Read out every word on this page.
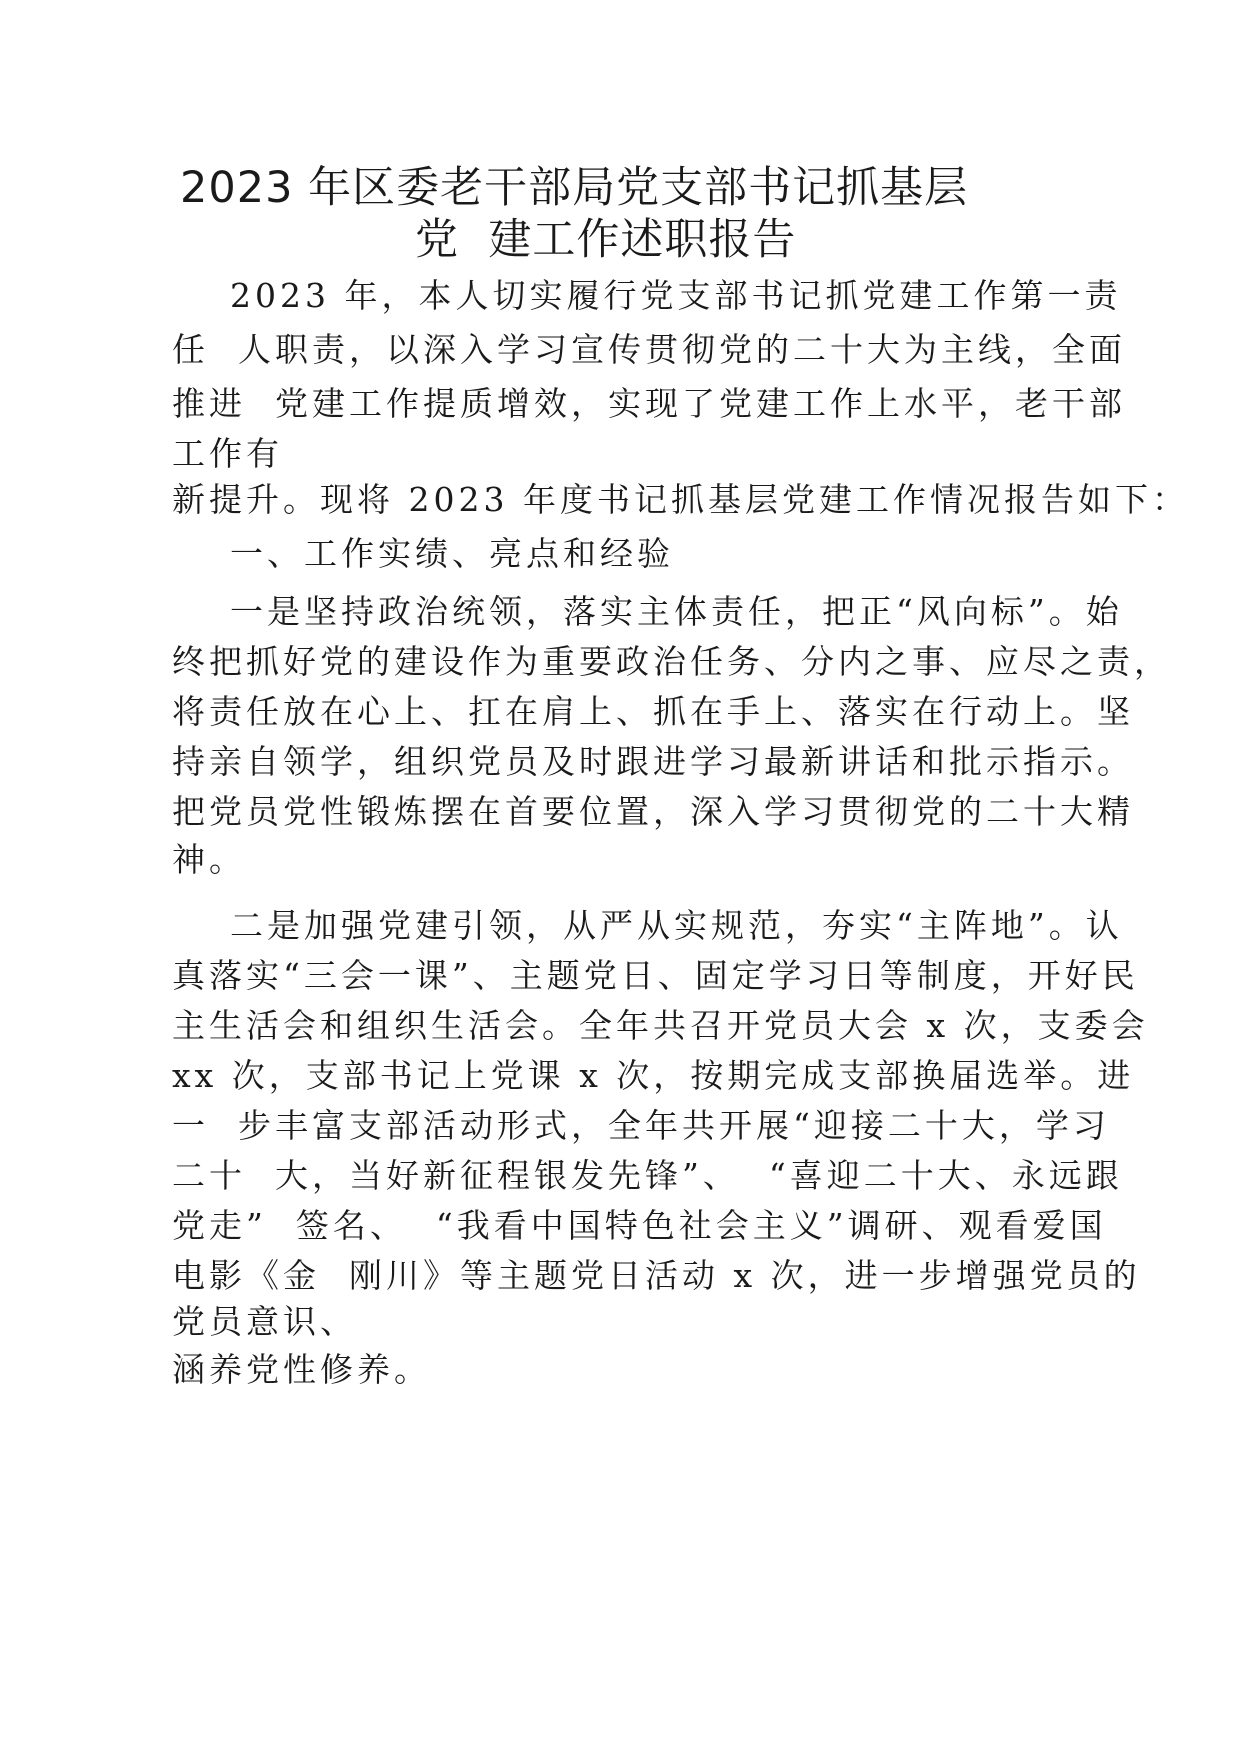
2023 年区委老干部局党支部书记抓基层
党  建工作述职报告
2023 年，本人切实履行党支部书记抓党建工作第一责
任  人职责，以深入学习宣传贯彻党的二十大为主线，全面
推进  党建工作提质增效，实现了党建工作上水平，老干部
工作有
新提升。现将 2023 年度书记抓基层党建工作情况报告如下：
一、工作实绩、亮点和经验
一是坚持政治统领，落实主体责任，把正“风向标”。始
终把抓好党的建设作为重要政治任务、分内之事、应尽之责，
将责任放在心上、扛在肩上、抓在手上、落实在行动上。坚
持亲自领学，组织党员及时跟进学习最新讲话和批示指示。
把党员党性锻炼摆在首要位置，深入学习贯彻党的二十大精
神。
二是加强党建引领，从严从实规范，夯实“主阵地”。认
真落实“三会一课”、主题党日、固定学习日等制度，开好民
主生活会和组织生活会。全年共召开党员大会 x 次，支委会
xx 次，支部书记上党课 x 次，按期完成支部换届选举。进
一  步丰富支部活动形式，全年共开展“迎接二十大，学习
二十  大，当好新征程银发先锋”、  “喜迎二十大、永远跟
党走”  签名、  “我看中国特色社会主义”调研、观看爱国
电影《金  刚川》等主题党日活动 x 次，进一步增强党员的
党员意识、
涵养党性修养。
